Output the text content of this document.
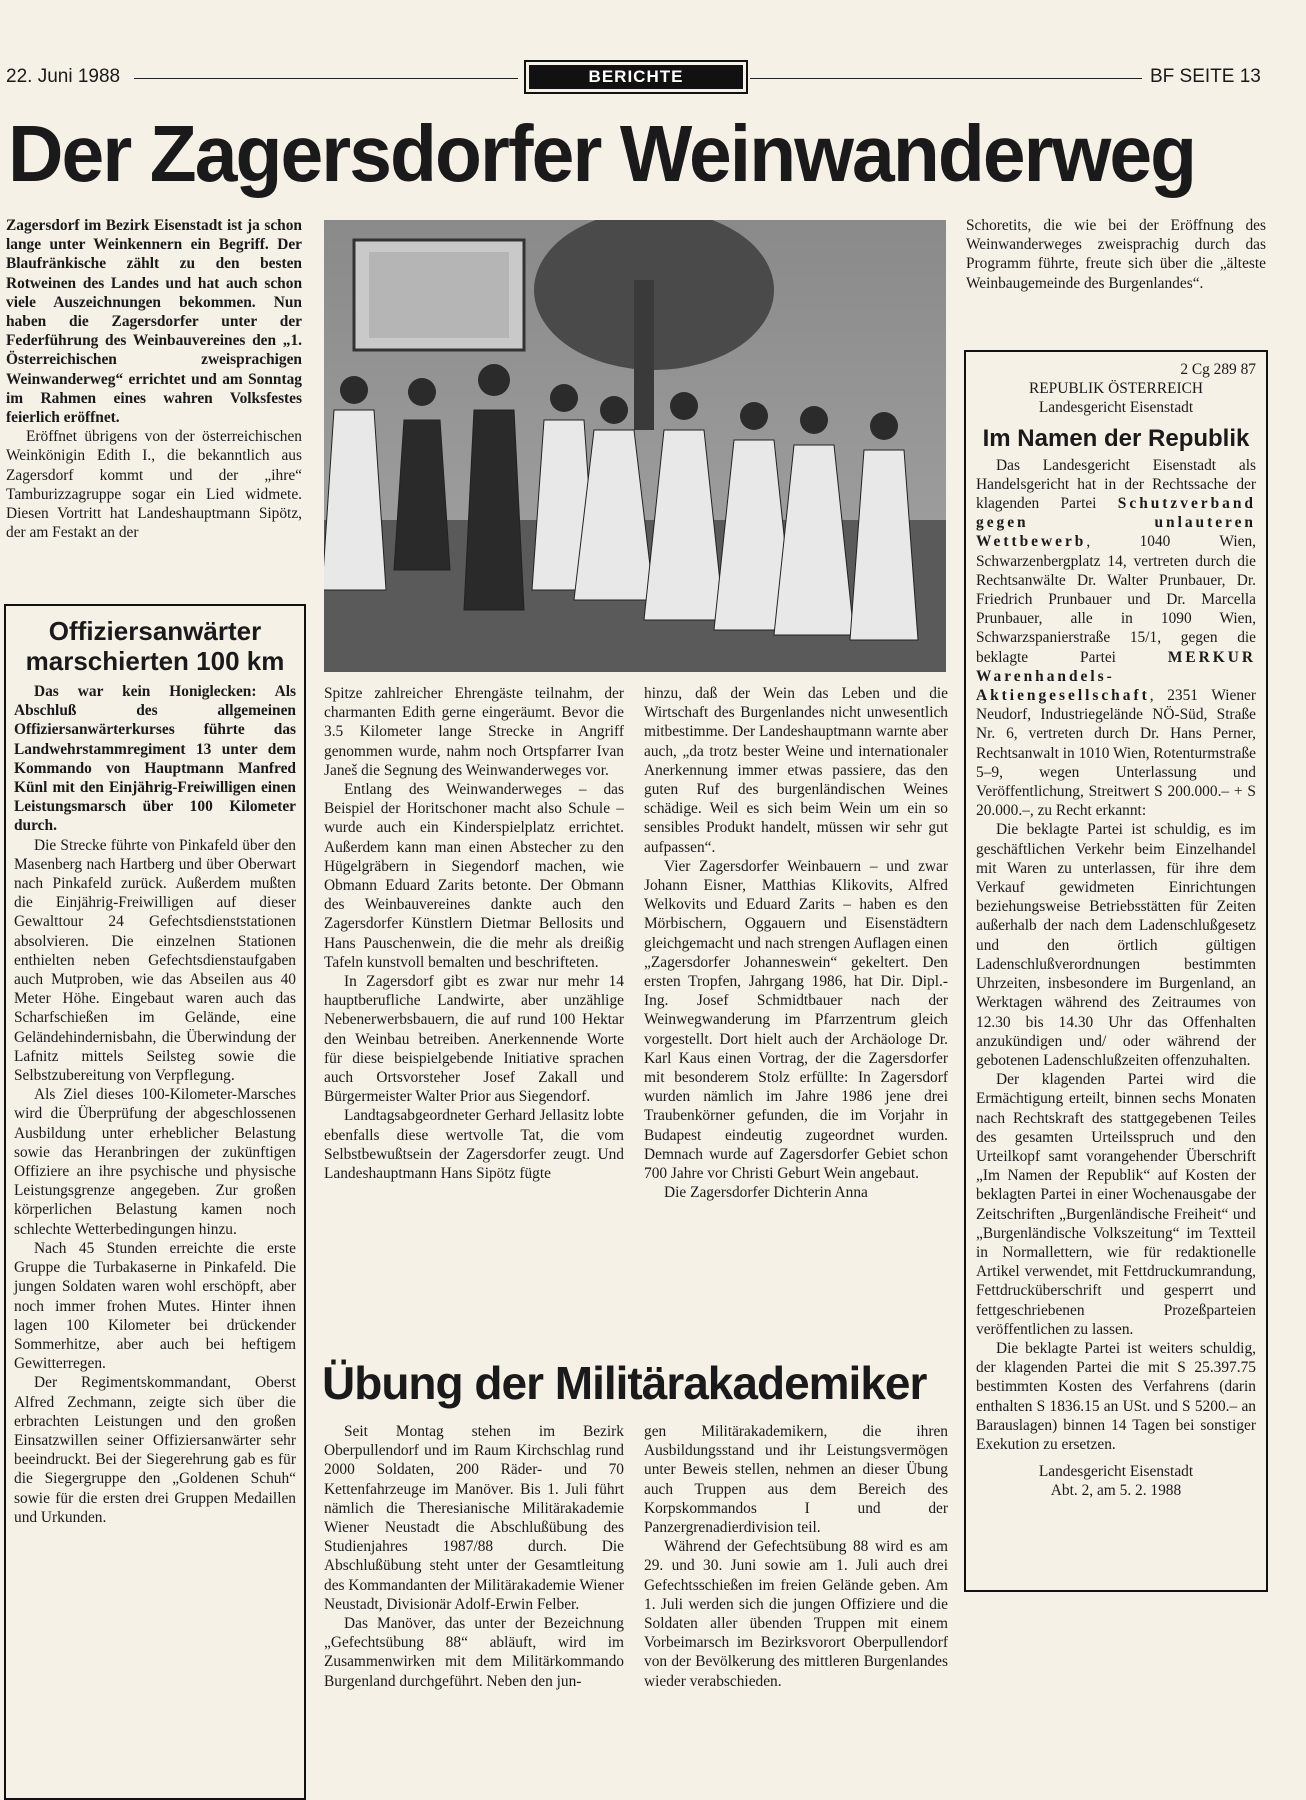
22. Juni 1988	BERICHTE	BF SEITE 13
Der Zagersdorfer Weinwanderweg

Zagersdorf im Bezirk Eisenstadt ist ja schon lange unter Weinkennern ein Begriff. Der Blaufränkische zählt zu den besten Rotweinen des Landes und hat auch schon viele Auszeichnungen bekommen. Nun haben die Zagersdorfer unter der Federführung des Weinbauvereines den „1. Österreichischen zweisprachigen Weinwanderweg“ errichtet und am Sonntag im Rahmen eines wahren Volksfestes feierlich eröffnet.

Eröffnet übrigens von der österreichischen Weinkönigin Edith I., die bekanntlich aus Zagersdorf kommt und der „ihre“ Tamburizzagruppe sogar ein Lied widmete. Diesen Vortritt hat Landeshauptmann Sipötz, der am Festakt an der

Spitze zahlreicher Ehrengäste teilnahm, der charmanten Edith gerne eingeräumt. Bevor die 3.5 Kilometer lange Strecke in Angriff genommen wurde, nahm noch Ortspfarrer Ivan Janeš die Segnung des Weinwanderweges vor.

Entlang des Weinwanderweges – das Beispiel der Horitschoner macht also Schule – wurde auch ein Kinderspielplatz errichtet. Außerdem kann man einen Abstecher zu den Hügelgräbern in Siegendorf machen, wie Obmann Eduard Zarits betonte. Der Obmann des Weinbauvereines dankte auch den Zagersdorfer Künstlern Dietmar Bellosits und Hans Pauschenwein, die die mehr als dreißig Tafeln kunstvoll bemalten und beschrifteten.

In Zagersdorf gibt es zwar nur mehr 14 hauptberufliche Landwirte, aber unzählige Nebenerwerbsbauern, die auf rund 100 Hektar den Weinbau betreiben. Anerkennende Worte für diese beispielgebende Initiative sprachen auch Ortsvorsteher Josef Zakall und Bürgermeister Walter Prior aus Siegendorf.

Landtagsabgeordneter Gerhard Jellasitz lobte ebenfalls diese wertvolle Tat, die vom Selbstbewußtsein der Zagersdorfer zeugt. Und Landeshauptmann Hans Sipötz fügte

hinzu, daß der Wein das Leben und die Wirtschaft des Burgenlandes nicht unwesentlich mitbestimme. Der Landeshauptmann warnte aber auch, „da trotz bester Weine und internationaler Anerkennung immer etwas passiere, das den guten Ruf des burgenländischen Weines schädige. Weil es sich beim Wein um ein so sensibles Produkt handelt, müssen wir sehr gut aufpassen“.

Vier Zagersdorfer Weinbauern – und zwar Johann Eisner, Matthias Klikovits, Alfred Welkovits und Eduard Zarits – haben es den Mörbischern, Oggauern und Eisenstädtern gleichgemacht und nach strengen Auflagen einen „Zagersdorfer Johanneswein“ gekeltert. Den ersten Tropfen, Jahrgang 1986, hat Dir. Dipl.-Ing. Josef Schmidtbauer nach der Weinwegwanderung im Pfarrzentrum gleich vorgestellt. Dort hielt auch der Archäologe Dr. Karl Kaus einen Vortrag, der die Zagersdorfer mit besonderem Stolz erfüllte: In Zagersdorf wurden nämlich im Jahre 1986 jene drei Traubenkörner gefunden, die im Vorjahr in Budapest eindeutig zugeordnet wurden. Demnach wurde auf Zagersdorfer Gebiet schon 700 Jahre vor Christi Geburt Wein angebaut.

Die Zagersdorfer Dichterin Anna

Schoretits, die wie bei der Eröffnung des Weinwanderweges zweisprachig durch das Programm führte, freute sich über die „älteste Weinbaugemeinde des Burgenlandes“.

Offiziersanwärter marschierten 100 km

Das war kein Honiglecken: Als Abschluß des allgemeinen Offiziersanwärterkurses führte das Landwehrstammregiment 13 unter dem Kommando von Hauptmann Manfred Künl mit den Einjährig-Freiwilligen einen Leistungsmarsch über 100 Kilometer durch.

Die Strecke führte von Pinkafeld über den Masenberg nach Hartberg und über Oberwart nach Pinkafeld zurück. Außerdem mußten die Einjährig-Freiwilligen auf dieser Gewalttour 24 Gefechtsdienststationen absolvieren. Die einzelnen Stationen enthielten neben Gefechtsdienstaufgaben auch Mutproben, wie das Abseilen aus 40 Meter Höhe. Eingebaut waren auch das Scharfschießen im Gelände, eine Geländehindernisbahn, die Überwindung der Lafnitz mittels Seilsteg sowie die Selbstzubereitung von Verpflegung.

Als Ziel dieses 100-Kilometer-Marsches wird die Überprüfung der abgeschlossenen Ausbildung unter erheblicher Belastung sowie das Heranbringen der zukünftigen Offiziere an ihre psychische und physische Leistungsgrenze angegeben. Zur großen körperlichen Belastung kamen noch schlechte Wetterbedingungen hinzu.

Nach 45 Stunden erreichte die erste Gruppe die Turbakaserne in Pinkafeld. Die jungen Soldaten waren wohl erschöpft, aber noch immer frohen Mutes. Hinter ihnen lagen 100 Kilometer bei drückender Sommerhitze, aber auch bei heftigem Gewitterregen.

Der Regimentskommandant, Oberst Alfred Zechmann, zeigte sich über die erbrachten Leistungen und den großen Einsatzwillen seiner Offiziersanwärter sehr beeindruckt. Bei der Siegerehrung gab es für die Siegergruppe den „Goldenen Schuh“ sowie für die ersten drei Gruppen Medaillen und Urkunden.

2 Cg 289 87

REPUBLIK ÖSTERREICH

Landesgericht Eisenstadt

Im Namen der Republik

Das Landesgericht Eisenstadt als Handelsgericht hat in der Rechtssache der klagenden Partei Schutzverband gegen unlauteren Wettbewerb, 1040 Wien, Schwarzenbergplatz 14, vertreten durch die Rechtsanwälte Dr. Walter Prunbauer, Dr. Friedrich Prunbauer und Dr. Marcella Prunbauer, alle in 1090 Wien, Schwarzspanierstraße 15/1, gegen die beklagte Partei	MERKUR Warenhandels-Aktiengesellschaft, 2351 Wiener Neudorf, Industriegelände NÖ-Süd, Straße Nr. 6, vertreten durch Dr. Hans Perner, Rechtsanwalt in 1010 Wien, Rotenturmstraße 5–9, wegen Unterlassung und Veröffentlichung, Streitwert S 200.000.– + S 20.000.–, zu Recht erkannt:

Die beklagte Partei ist schuldig, es im geschäftlichen Verkehr beim Einzelhandel mit Waren zu unterlassen, für ihre dem Verkauf gewidmeten Einrichtungen beziehungsweise Betriebsstätten für Zeiten außerhalb der nach dem Ladenschlußgesetz und den örtlich gültigen Ladenschlußverordnungen bestimmten Uhrzeiten, insbesondere im Burgenland, an Werktagen während des Zeitraumes von 12.30 bis 14.30 Uhr das Offenhalten anzukündigen und/ oder während der gebotenen Ladenschlußzeiten offenzuhalten.

Der klagenden Partei wird die Ermächtigung erteilt, binnen sechs Monaten nach Rechtskraft des stattgegebenen Teiles des gesamten Urteilsspruch und den Urteilkopf samt vorangehender Überschrift „Im Namen der Republik“ auf Kosten der beklagten Partei in einer Wochenausgabe der Zeitschriften „Burgenländische Freiheit“ und „Burgenländische Volkszeitung“ im Textteil in Normallettern, wie für redaktionelle Artikel verwendet, mit Fettdruckumrandung, Fettdrucküberschrift und gesperrt und fettgeschriebenen Prozeßparteien veröffentlichen zu lassen.

Die beklagte Partei ist weiters schuldig, der klagenden Partei die mit S 25.397.75 bestimmten Kosten des Verfahrens (darin enthalten S 1836.15 an USt. und S 5200.– an Barauslagen) binnen 14 Tagen bei sonstiger Exekution zu ersetzen.

Landesgericht Eisenstadt

Abt. 2, am 5. 2. 1988

Übung der Militärakademiker

Seit Montag stehen im Bezirk Oberpullendorf und im Raum Kirchschlag rund 2000 Soldaten, 200 Räder- und 70 Kettenfahrzeuge im Manöver. Bis 1. Juli führt nämlich die Theresianische Militärakademie Wiener Neustadt die Abschlußübung des Studienjahres 1987/88 durch. Die Abschlußübung steht unter der Gesamtleitung des Kommandanten der Militärakademie Wiener Neustadt, Divisionär Adolf-Erwin Felber.

Das Manöver, das unter der Bezeichnung „Gefechtsübung 88“ abläuft, wird im Zusammenwirken mit dem Militärkommando Burgenland durchgeführt. Neben den jun-

gen Militärakademikern, die ihren Ausbildungsstand und ihr Leistungsvermögen unter Beweis stellen, nehmen an dieser Übung auch Truppen aus dem Bereich des Korpskommandos I und der Panzergrenadierdivision teil.

Während der Gefechtsübung 88 wird es am 29. und 30. Juni sowie am 1. Juli auch drei Gefechtsschießen im freien Gelände geben. Am 1. Juli werden sich die jungen Offiziere und die Soldaten aller übenden Truppen mit einem Vorbeimarsch im Bezirksvorort Oberpullendorf von der Bevölkerung des mittleren Burgenlandes wieder verabschieden.
